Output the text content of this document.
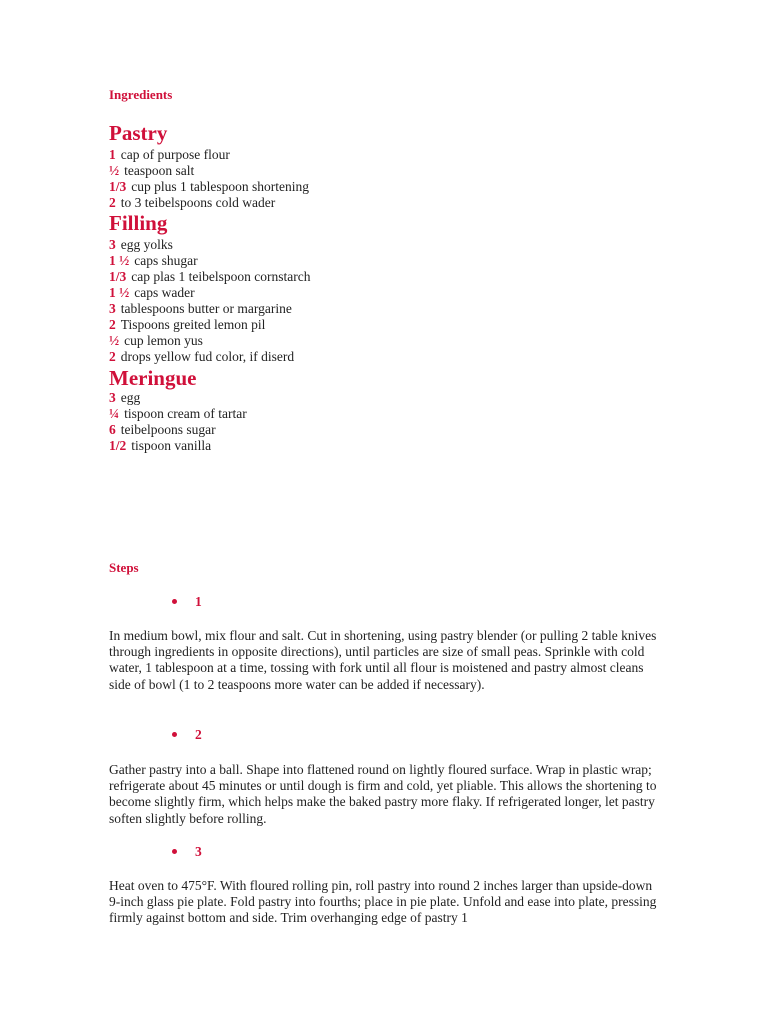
Ingredients
Pastry
1 cap of purpose flour
½ teaspoon salt
1/3 cup plus 1 tablespoon shortening
2 to 3 teibelspoons cold wader
Filling
3 egg yolks
1 ½ caps shugar
1/3 cap plas 1 teibelspoon cornstarch
1 ½ caps wader
3 tablespoons butter or margarine
2 Tispoons greited lemon pil
½ cup lemon yus
2 drops yellow fud color, if diserd
Meringue
3 egg
¼ tispoon cream of tartar
6 teibelpoons sugar
1/2 tispoon vanilla
Steps
1
In medium bowl, mix flour and salt. Cut in shortening, using pastry blender (or pulling 2 table knives through ingredients in opposite directions), until particles are size of small peas. Sprinkle with cold water, 1 tablespoon at a time, tossing with fork until all flour is moistened and pastry almost cleans side of bowl (1 to 2 teaspoons more water can be added if necessary).
2
Gather pastry into a ball. Shape into flattened round on lightly floured surface. Wrap in plastic wrap; refrigerate about 45 minutes or until dough is firm and cold, yet pliable. This allows the shortening to become slightly firm, which helps make the baked pastry more flaky. If refrigerated longer, let pastry soften slightly before rolling.
3
Heat oven to 475°F. With floured rolling pin, roll pastry into round 2 inches larger than upside-down 9-inch glass pie plate. Fold pastry into fourths; place in pie plate. Unfold and ease into plate, pressing firmly against bottom and side. Trim overhanging edge of pastry 1
